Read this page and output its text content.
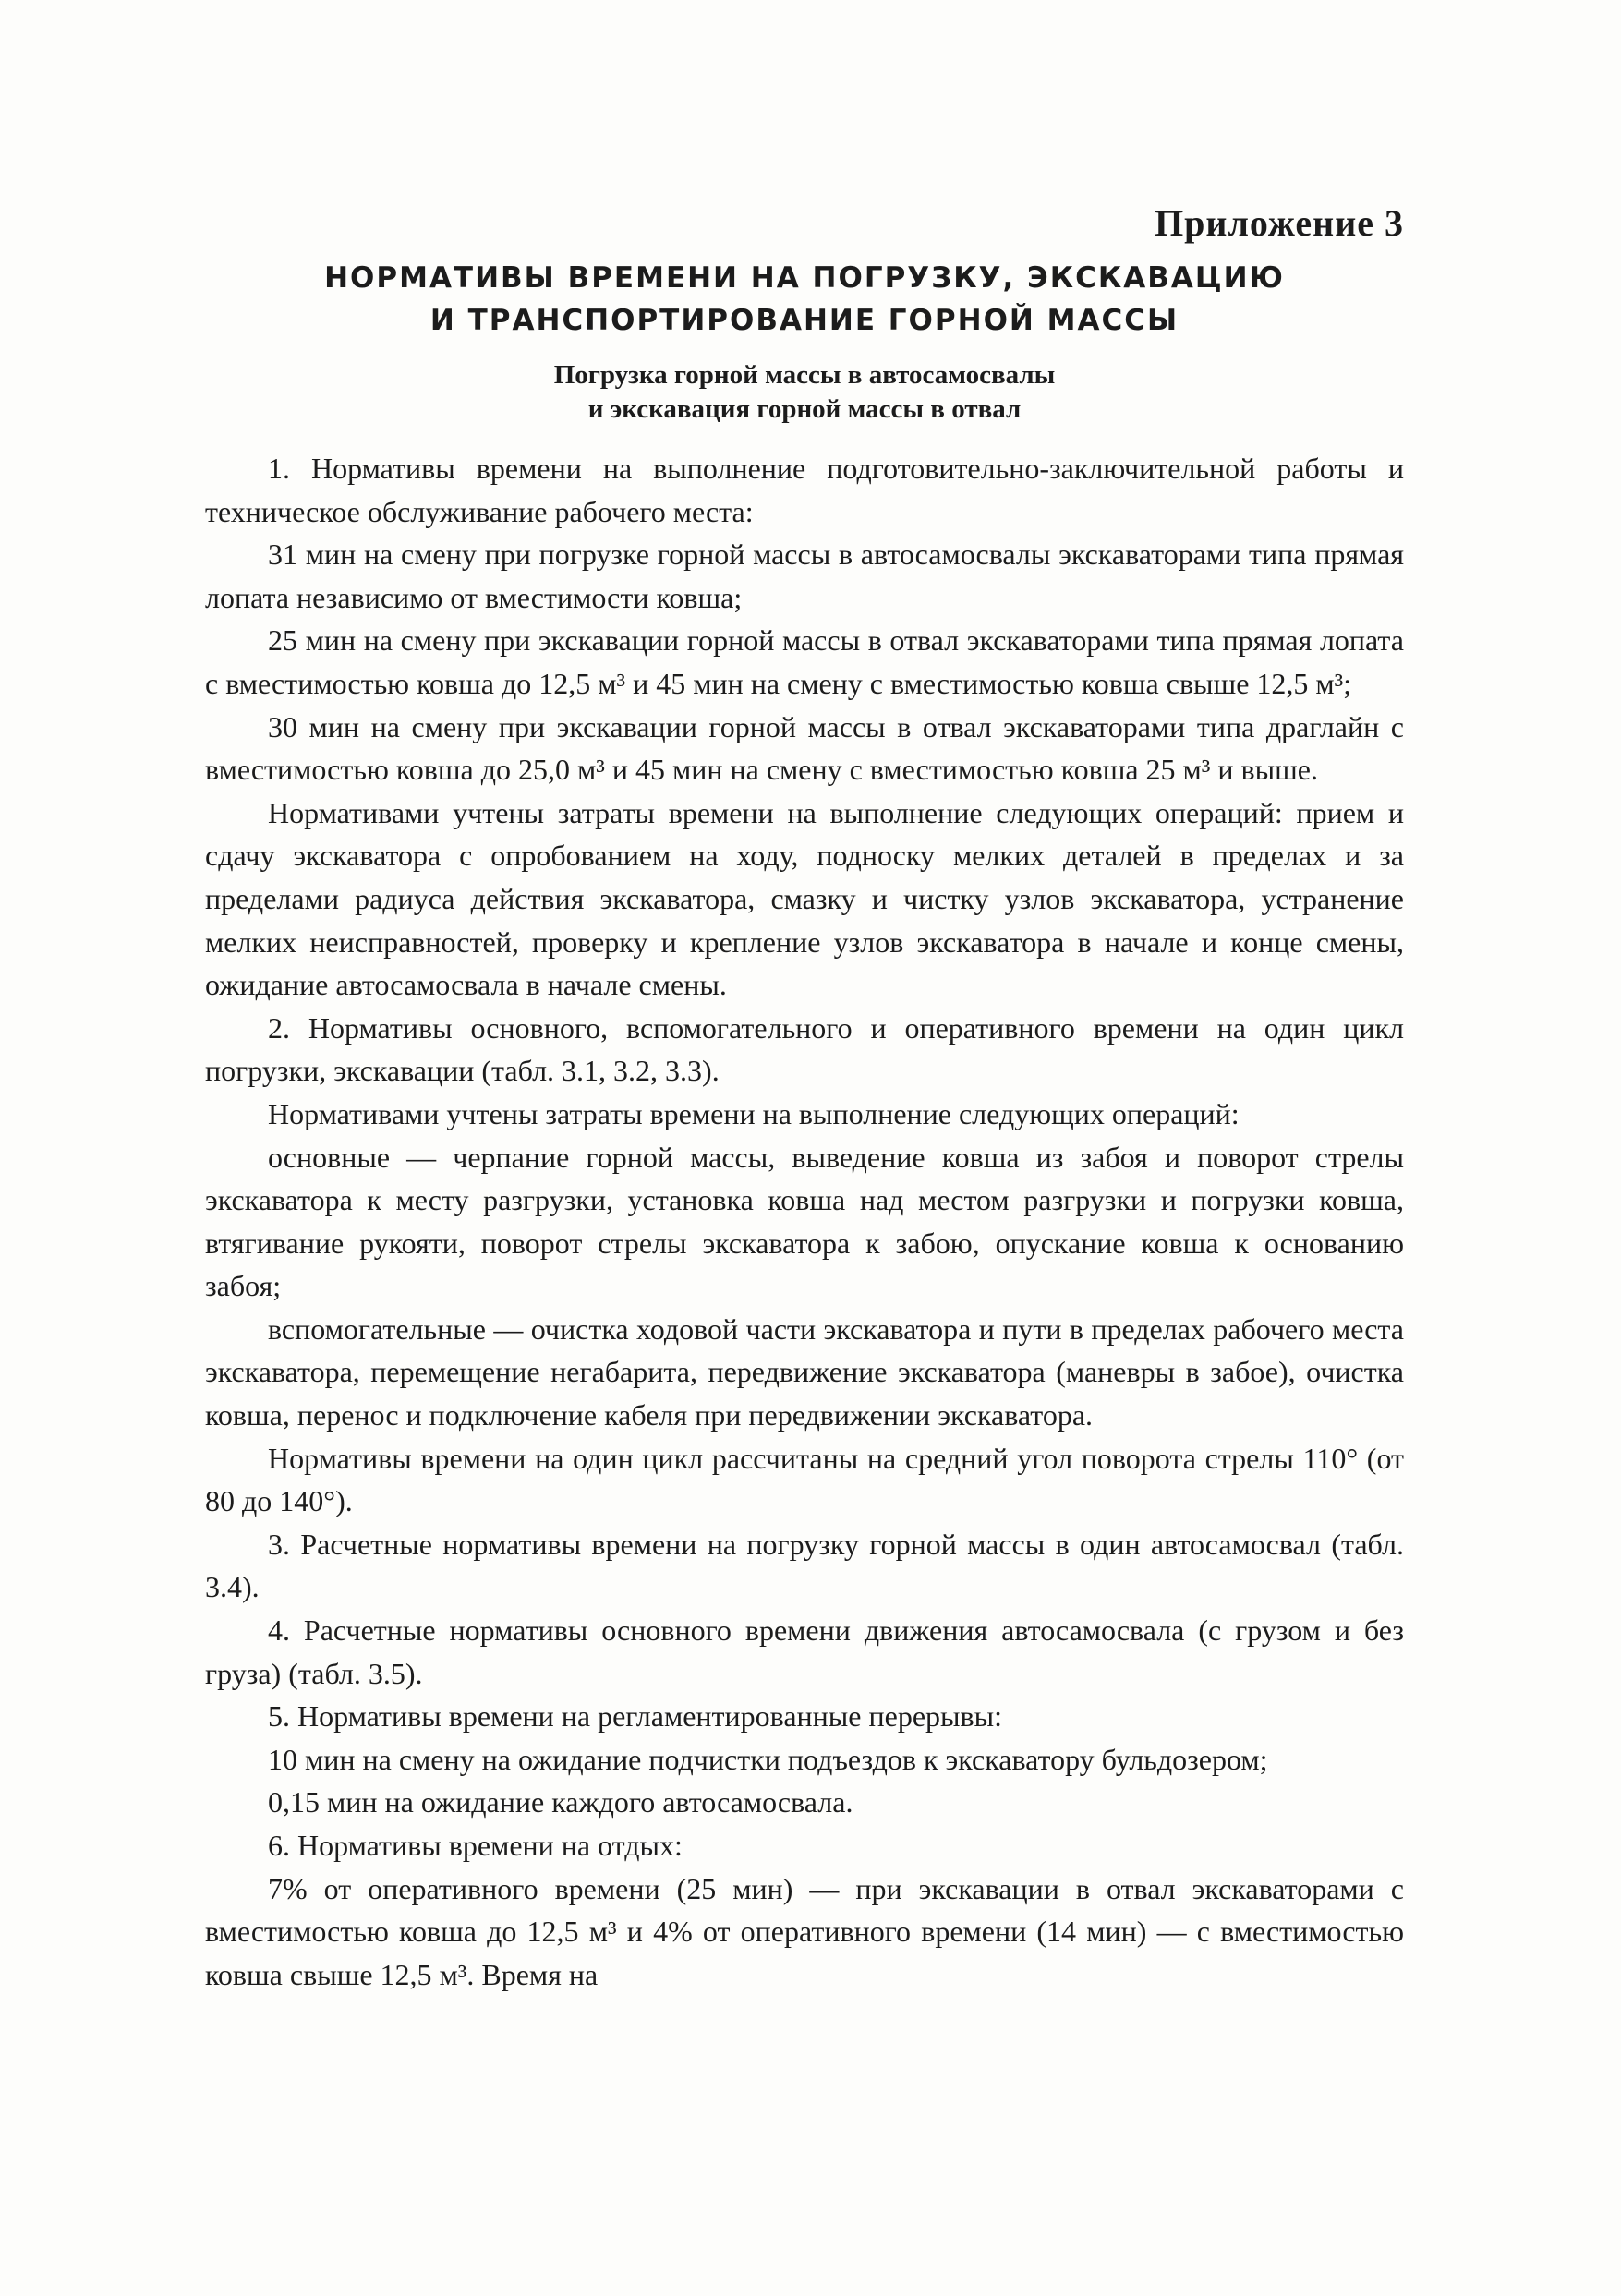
Приложение 3

НОРМАТИВЫ ВРЕМЕНИ НА ПОГРУЗКУ, ЭКСКАВАЦИЮ
И ТРАНСПОРТИРОВАНИЕ ГОРНОЙ МАССЫ
Погрузка горной массы в автосамосвалы
и экскавация горной массы в отвал

1. Нормативы времени на выполнение подготовительно-заключительной работы и техническое обслуживание рабочего места:

31 мин на смену при погрузке горной массы в автосамосвалы экскаваторами типа прямая лопата независимо от вместимости ковша;

25 мин на смену при экскавации горной массы в отвал экскаваторами типа прямая лопата с вместимостью ковша до 12,5 м³ и 45 мин на смену с вместимостью ковша свыше 12,5 м³;

30 мин на смену при экскавации горной массы в отвал экскаваторами типа драглайн с вместимостью ковша до 25,0 м³ и 45 мин на смену с вместимостью ковша 25 м³ и выше.

Нормативами учтены затраты времени на выполнение следующих операций: прием и сдачу экскаватора с опробованием на ходу, подноску мелких деталей в пределах и за пределами радиуса действия экскаватора, смазку и чистку узлов экскаватора, устранение мелких неисправностей, проверку и крепление узлов экскаватора в начале и конце смены, ожидание автосамосвала в начале смены.

2. Нормативы основного, вспомогательного и оперативного времени на один цикл погрузки, экскавации (табл. 3.1, 3.2, 3.3).

Нормативами учтены затраты времени на выполнение следующих операций:

основные — черпание горной массы, выведение ковша из забоя и поворот стрелы экскаватора к месту разгрузки, установка ковша над местом разгрузки и погрузки ковша, втягивание рукояти, поворот стрелы экскаватора к забою, опускание ковша к основанию забоя;

вспомогательные — очистка ходовой части экскаватора и пути в пределах рабочего места экскаватора, перемещение негабарита, передвижение экскаватора (маневры в забое), очистка ковша, перенос и подключение кабеля при передвижении экскаватора.

Нормативы времени на один цикл рассчитаны на средний угол поворота стрелы 110° (от 80 до 140°).

3. Расчетные нормативы времени на погрузку горной массы в один автосамосвал (табл. 3.4).

4. Расчетные нормативы основного времени движения автосамосвала (с грузом и без груза) (табл. 3.5).

5. Нормативы времени на регламентированные перерывы:

10 мин на смену на ожидание подчистки подъездов к экскаватору бульдозером;

0,15 мин на ожидание каждого автосамосвала.

6. Нормативы времени на отдых:

7% от оперативного времени (25 мин) — при экскавации в отвал экскаваторами с вместимостью ковша до 12,5 м³ и 4% от оперативного времени (14 мин) — с вместимостью ковша свыше 12,5 м³. Время на
